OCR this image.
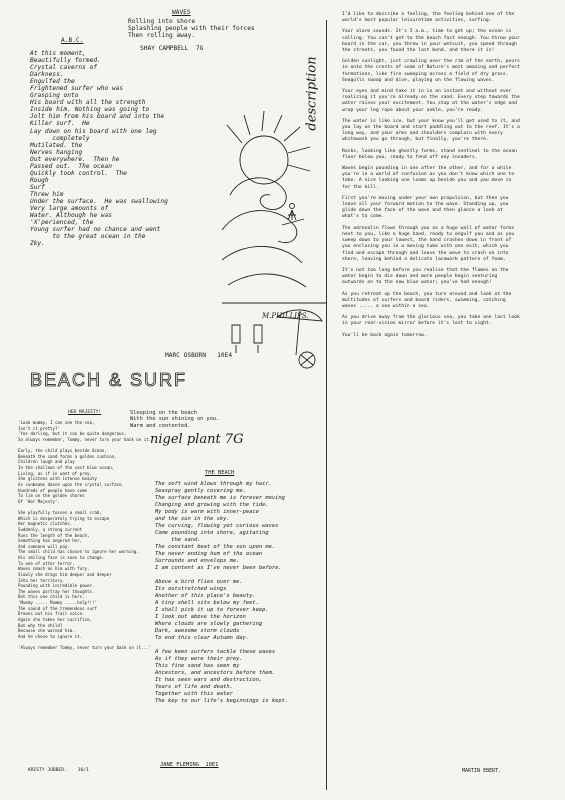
WAVES
Rolling into shore
Splashing people with their forces
Then rolling away.
SHAY CAMPBELL  7G
A.B.C.
At this moment,
Beautifully formed.
Crystal caverns of
Darkness.
Engulfed the
Frightened surfer who was
Grasping onto
His board with all the strength
Inside him. Nothing was going to
Jolt him from his board and into the
Killer surf.  He
Lay down on his board with one leg
completely
Mutilated. the
Nerves hanging
Out everywhere.  Then he
Passed out.  The ocean
Quickly took control.  The
Rough
Surf
Threw him
Under the surface.  He was swallowing
Very large amounts of
Water. Although he was
'X'perienced, the
Young surfer had no chance and went
to the great ocean in the
Zky.
MARC OSBORN   10E4
M.PHILLIPS.
BEACH & SURF
description

I'd like to describe a feeling, the feeling behind one of the world's most popular leisuretime activities, surfing.

Your alarm sounds. It's 5 a.m., time to get up; the ocean is calling. You can't get to the beach fast enough. You throw your board in the car, you throw in your wetsuit, you speed through the streets, you found the last bend, and there it is!

Golden sunlight, just crawling over the rim of the earth, pours in onto the crests of some of Nature's most amazing and perfect formations, like fire sweeping across a field of dry grass. Seagulls swoop and dive, playing on the flowing waves.

Your eyes and mind take it in in an instant and without ever realizing it you're already on the sand. Every step towards the water raises your excitement. You stop at the water's edge and wrap your leg rope about your ankle, you're ready.

The water is like ice, but your know you'll get used to it, and you lay on the board and start paddling out to the reef. It's a long way, and your arms and shoulders complain with every whitewash you go through, but finally, you're there.

Rocks, looking like ghostly forms, stand sentinel to the ocean floor below you, ready to fend off any invaders.

Waves begin pounding in one after the other, and for a while you're in a world of confusion as you don't know which one to take. A nice looking one looms up beside you and you move in for the kill.

First you're moving under your own propulsion, but then you leave all your forward motion to the wave. Standing up, you glide down the face of the wave and then glance a look at what's to come.

The adrenalin flows through you as a huge wall of water forms next to you, like a huge hand, ready to engulf you and as you sweep down to your lowest, the hand crashes down in front of you enclosing you in a moving tube with one exit, which you find and escape through and leave the wave to crash on into shore, leaving behind a delicate lacework pattern of foam.

It's not too long before you realise that the flames on the water begin to die down and more people begin venturing outwards on to the now blue water; you've had enough!

As you retreat up the beach, you turn around and look at the multitudes of surfers and board riders, swimming, catching waves ..... a sea within a sea.

As you drive away from the glorious sea, you take one last look in your rear-vision mirror before it's lost to sight.

You'll be back again tomorrow.

MARTIN EBERT.
HER MAJESTY!
'Look mummy, I can see the sea,
Isn't it pretty?'
'Yes darling, but it can be quite dangerous,
So always remember, Tommy, never turn your back on it.'

Early, the child plays beside Ocean,
Beneath the sand forms a golden cushion,
Children laugh and play
In the shallows of the vast blue ocean,
Living, as if in want of prey.
She glistens with intense beauty
As sunbeams dance upon the crystal surface.
Hundreds of people have come
To lie on the golden shores
Of 'Her Majesty'.

She playfully tosses a small crab,
Which is desperately trying to escape
Her magnetic clutches.
Suddenly, a strong current
Runs the length of the beach,
Something has angered her,
And someone will pay.
The small child has chosen to ignore her warning.
His smiling face is soon to change.
To one of utter terror.
Waves smash on him with fury.
Slowly she drags him deeper and deeper
Into her territory.
Pounding with incredible power.
The waves portray her thoughts.
But this one child is hers.
'Mummy ..... Mummy .....help!!!'
The sound of the tremendous surf
Drowns out his frail voice.
Again she takes her sacrifice,
But why the child?
Because she warned him.
And he chose to ignore it.

'Always remember Tommy, never turn your back on it...'
KRISTY JOBBER.    10/1
Sleeping on the beach
With the sun shining on you.
Warm and contented.
nigel plant 7G
THE BEACH
The soft wind blows through my hair.
Seaspray gently covering me.
The surface beneath me is forever moving
Changing and growing with the tide.
My body is warm with inner-peace
and the sun in the sky.
The curving, flowing yet curious waves
Come pounding into shore, agitating
the sand.
The constant beat of the sun upon me.
The never ending hum of the ocean
Surrounds and envelops me.
I am content as I've never been before.

Above a bird flies over me.
Its outstretched wings
Another of this place's beauty.
A tiny shell sits below my feet.
I shall pick it up to forever keep.
I look out above the horizon
Where clouds are slowly gathering
Dark, awesome storm clouds
To end this clear Autumn day.

A few keen surfers tackle these waves
As if they were their prey.
This fine sand has seen my
Ancestors, and ancestors before them.
It has seen wars and destruction,
Years of life and death.
Together with this water
The key to our life's beginnings is kept.
JANE FLEMING  10E1
